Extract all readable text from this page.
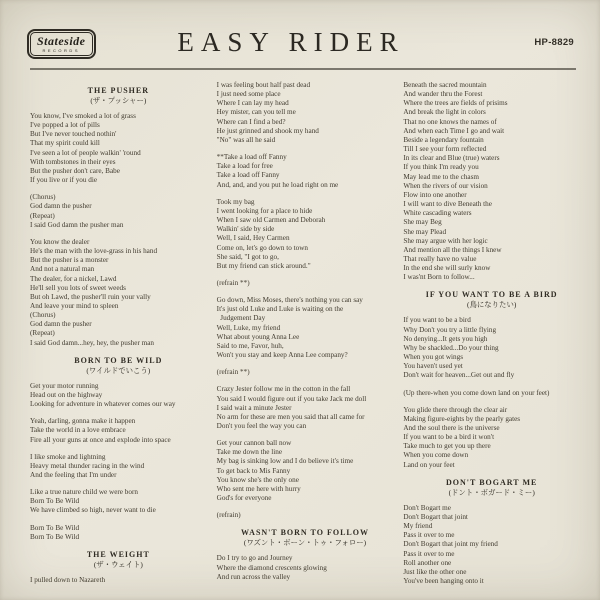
Stateside
RECORDS	EASY RIDER	HP-8829
THE PUSHER
(ザ・プッシャー)
You know, I've smoked a lot of grass
I've popped a lot of pills
But I've never touched nothin'
That my spirit could kill
I've seen a lot of people walkin' 'round
With tombstones in their eyes
But the pusher don't care, Babe
If you live or if you die
(Chorus)
God damn the pusher
(Repeat)
I said God damn the pusher man
You know the dealer
He's the man with the love-grass in his hand
But the pusher is a monster
And not a natural man
The dealer, for a nickel, Lawd
He'll sell you lots of sweet weeds
But oh Lawd, the pusher'll ruin your vally
And leave your mind to spleen
(Chorus)
God damn the pusher
(Repeat)
I said God damn...hey, hey, the pusher man
BORN TO BE WILD
(ワイルドでいこう)
Get your motor running
Head out on the highway
Looking for adventure in whatever comes our way
Yeah, darling, gonna make it happen
Take the world in a love embrace
Fire all your guns at once and explode into space
I like smoke and lightning
Heavy metal thunder racing in the wind
And the feeling that I'm under
Like a true nature child we were born
Born To Be Wild
We have climbed so high, never want to die
Born To Be Wild
Born To Be Wild
THE WEIGHT
(ザ・ウェイト)
I pulled down to Nazareth
I was feeling bout half past dead
I just need some place
Where I can lay my head
Hey mister, can you tell me
Where can I find a bed?
He just grinned and shook my hand
"No" was all he said
**Take a load off Fanny
Take a load for free
Take a load off Fanny
And, and, and you put he load right on me
Took my bag
I went looking for a place to hide
When I saw old Carmen and Deborah
Walkin' side by side
Well, I said, Hey Carmen
Come on, let's go down to town
She said, "I got to go,
But my friend can stick around."
(refrain **)
Go down, Miss Moses, there's nothing you can say
It's just old Luke and Luke is waiting on the
Judgement Day
Well, Luke, my friend
What about young Anna Lee
Said to me, Favor, huh,
Won't you stay and keep Anna Lee company?
(refrain **)
Crazy Jester follow me in the cotton in the fall
You said I would figure out if you take Jack me doll
I said wait a minute Jester
No arm for these are men you said that all came for
Don't you feel the way you can
Get your cannon ball now
Take me down the line
My bag is sinking low and I do believe it's time
To get back to Mis Fanny
You know she's the only one
Who sent me here with hurry
God's for everyone
(refrain)
WASN'T BORN TO FOLLOW
(ワズント・ボーン・トゥ・フォロー)
Do I try to go and Journey
Where the diamond crescents glowing
And run across the valley
Beneath the sacred mountain
And wander thru the Forest
Where the trees are fields of prisims
And break the light in colors
That no one knows the names of
And when each Time I go and wait
Beside a legendary fountain
Till I see your form reflected
In its clear and Blue (true) waters
If you think I'm ready you
May lead me to the chasm
When the rivers of our vision
Flow into one another
I will want to dive Beneath the
White cascading waters
She may Beg
She may Plead
She may argue with her logic
And mention all the things I knew
That really have no value
In the end she will surly know
I was'nt Born to follow...
IF YOU WANT TO BE A BIRD
(鳥になりたい)
If you want to be a bird
Why Don't you try a little flying
No denying...It gets you high
Why be shackled...Do your thing
When you got wings
You haven't used yet
Don't wait for heaven...Get out and fly
(Up there-when you come down land on your feet)
You glide there through the clear air
Making figure-eights by the pearly gates
And the soul there is the universe
If you want to be a bird it won't
Take much to get you up there
When you come down
Land on your feet
DON'T BOGART ME
(ドント・ボガード・ミー)
Don't Bogart me
Don't Bogart that joint
My friend
Pass it over to me
Don't Bogart that joint my friend
Pass it over to me
Roll another one
Just like the other one
You've been hanging onto it
